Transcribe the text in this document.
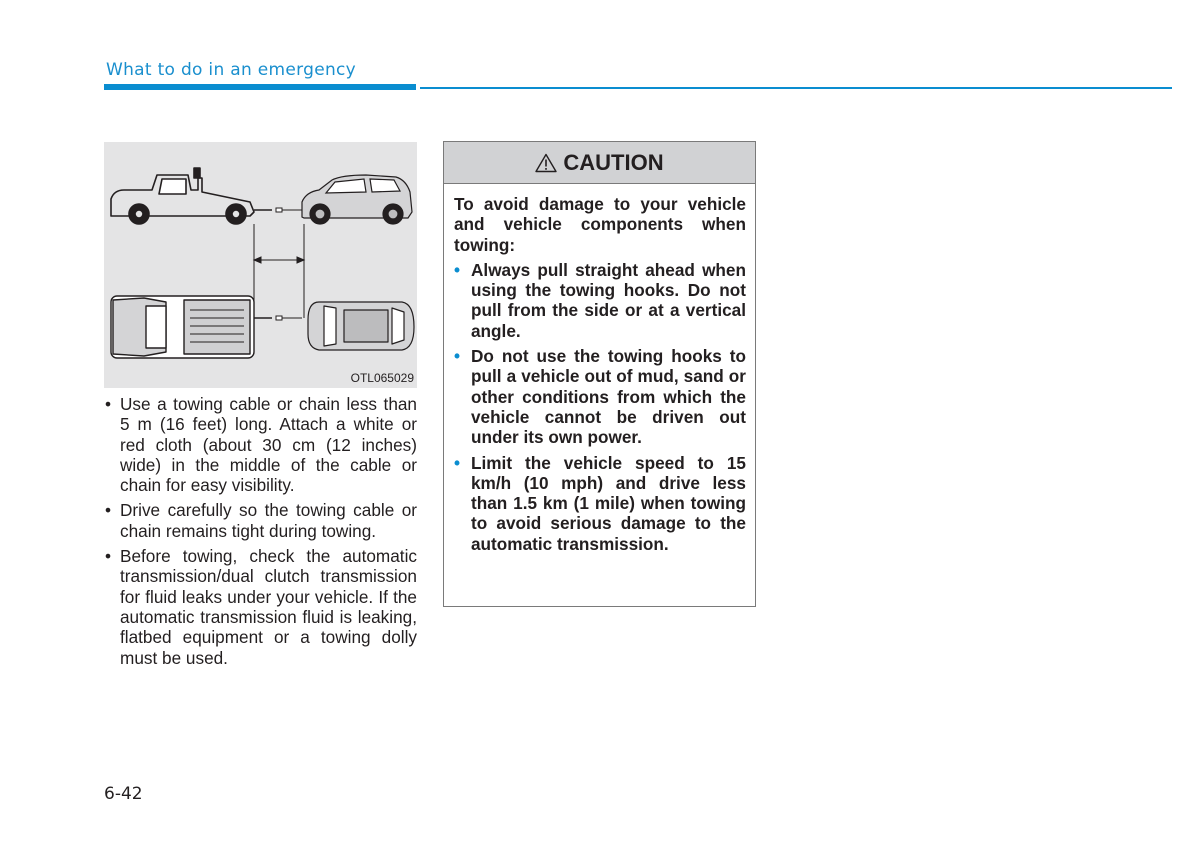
What to do in an emergency
OTL065029
• Use a towing cable or chain less than 5 m (16 feet) long. Attach a white or red cloth (about 30 cm (12 inches) wide) in the middle of the cable or chain for easy visibility.
• Drive carefully so the towing cable or chain remains tight during towing.
• Before towing, check the automatic transmission/dual clutch transmission for fluid leaks under your vehicle. If the automatic transmission fluid is leaking, flatbed equipment or a towing dolly must be used.
CAUTION
To avoid damage to your vehicle and vehicle components when towing:
• Always pull straight ahead when using the towing hooks. Do not pull from the side or at a vertical angle.
• Do not use the towing hooks to pull a vehicle out of mud, sand or other conditions from which the vehicle cannot be driven out under its own power.
• Limit the vehicle speed to 15 km/h (10 mph) and drive less than 1.5 km (1 mile) when towing to avoid serious damage to the automatic transmission.
6-42
